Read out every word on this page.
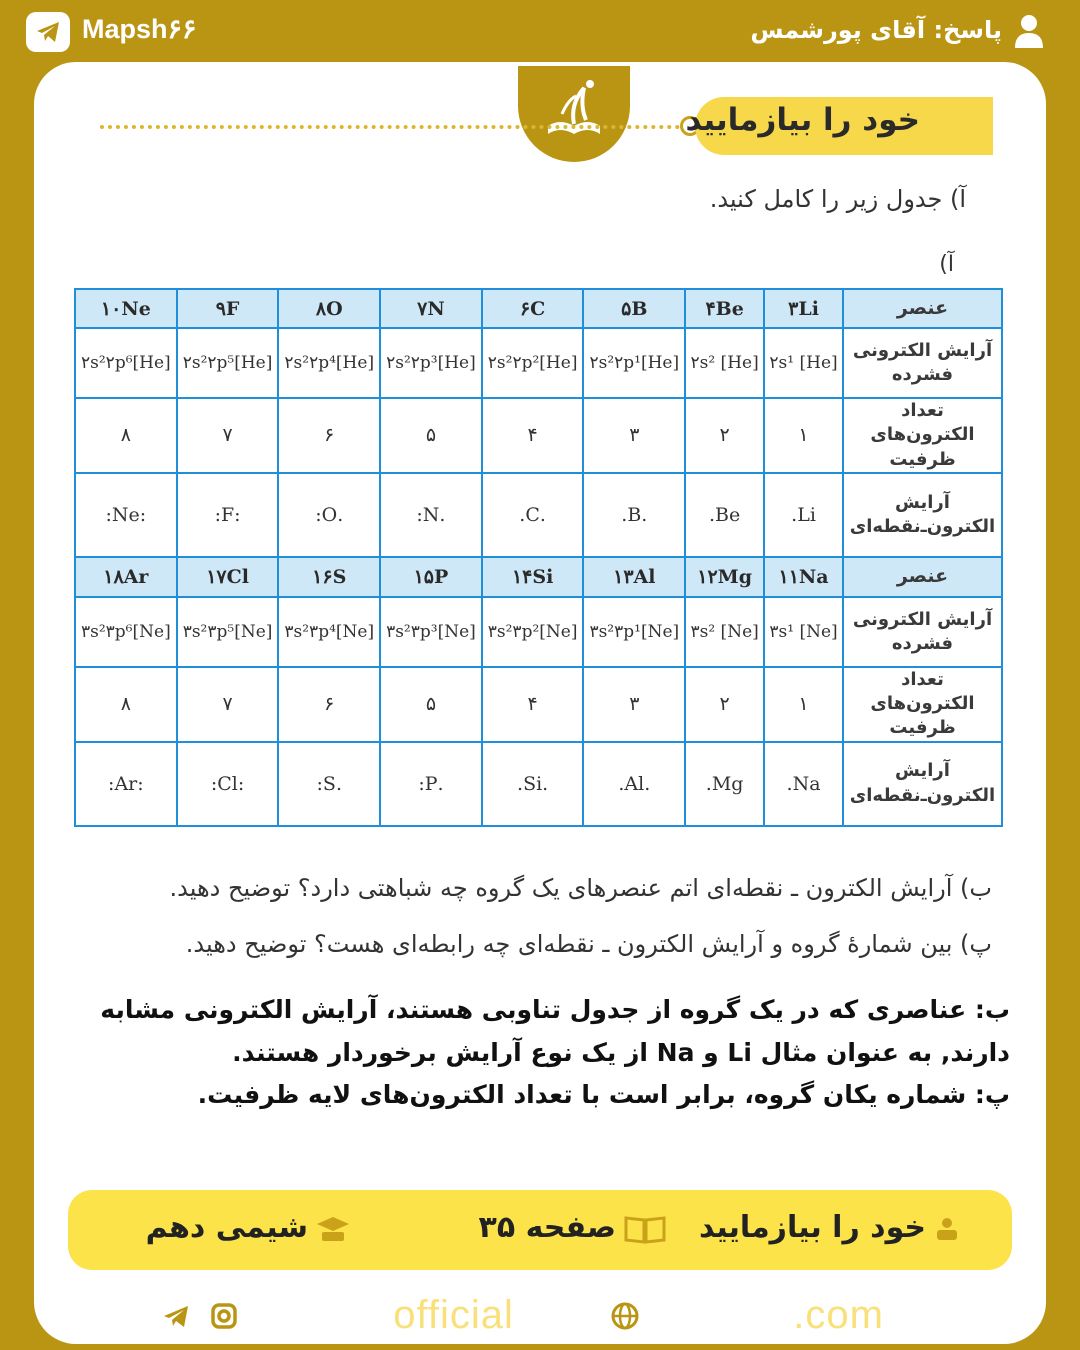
Mapsh۶۶	پاسخ: آقای پورشمس
خود را بیازمایید
آ) جدول زیر را کامل کنید.
آ)
عنصر	۳Li	۴Be	۵B	۶C	۷N	۸O	۹F	۱۰Ne
آرایش الکترونی فشرده	[He] ۲s¹	[He] ۲s²	[He]۲s²۲p¹	[He]۲s²۲p²	[He]۲s²۲p³	[He]۲s²۲p⁴	[He]۲s²۲p⁵	[He]۲s²۲p⁶
تعداد الکترون‌های ظرفیت	۱	۲	۳	۴	۵	۶	۷	۸
آرایش الکترون‌ـ‌نقطه‌ای	Li.	Be.	.B.	.C.	.N:	.O:	:F:	:Ne:
عنصر	۱۱Na	۱۲Mg	۱۳Al	۱۴Si	۱۵P	۱۶S	۱۷Cl	۱۸Ar
آرایش الکترونی فشرده	[Ne] ۳s¹	[Ne] ۳s²	[Ne]۳s²۳p¹	[Ne]۳s²۳p²	[Ne]۳s²۳p³	[Ne]۳s²۳p⁴	[Ne]۳s²۳p⁵	[Ne]۳s²۳p⁶
تعداد الکترون‌های ظرفیت	۱	۲	۳	۴	۵	۶	۷	۸
آرایش الکترون‌ـ‌نقطه‌ای	Na.	Mg.	.Al.	.Si.	.P:	.S:	:Cl:	:Ar:
ب) آرایش الکترون ـ نقطه‌ای اتم عنصرهای یک گروه چه شباهتی دارد؟ توضیح دهید.
پ) بین شمارهٔ گروه و آرایش الکترون ـ نقطه‌ای چه رابطه‌ای هست؟ توضیح دهید.
ب: عناصری که در یک گروه از جدول تناوبی هستند، آرایش الکترونی مشابه
دارند, به عنوان مثال Li و Na از یک نوع آرایش برخوردار هستند.
پ: شماره یکان گروه، برابر است با تعداد الکترون‌های لایه ظرفیت.
خود را بیازمایید
صفحه ۳۵
شیمی دهم
bekhunofficial	bekhun.com
